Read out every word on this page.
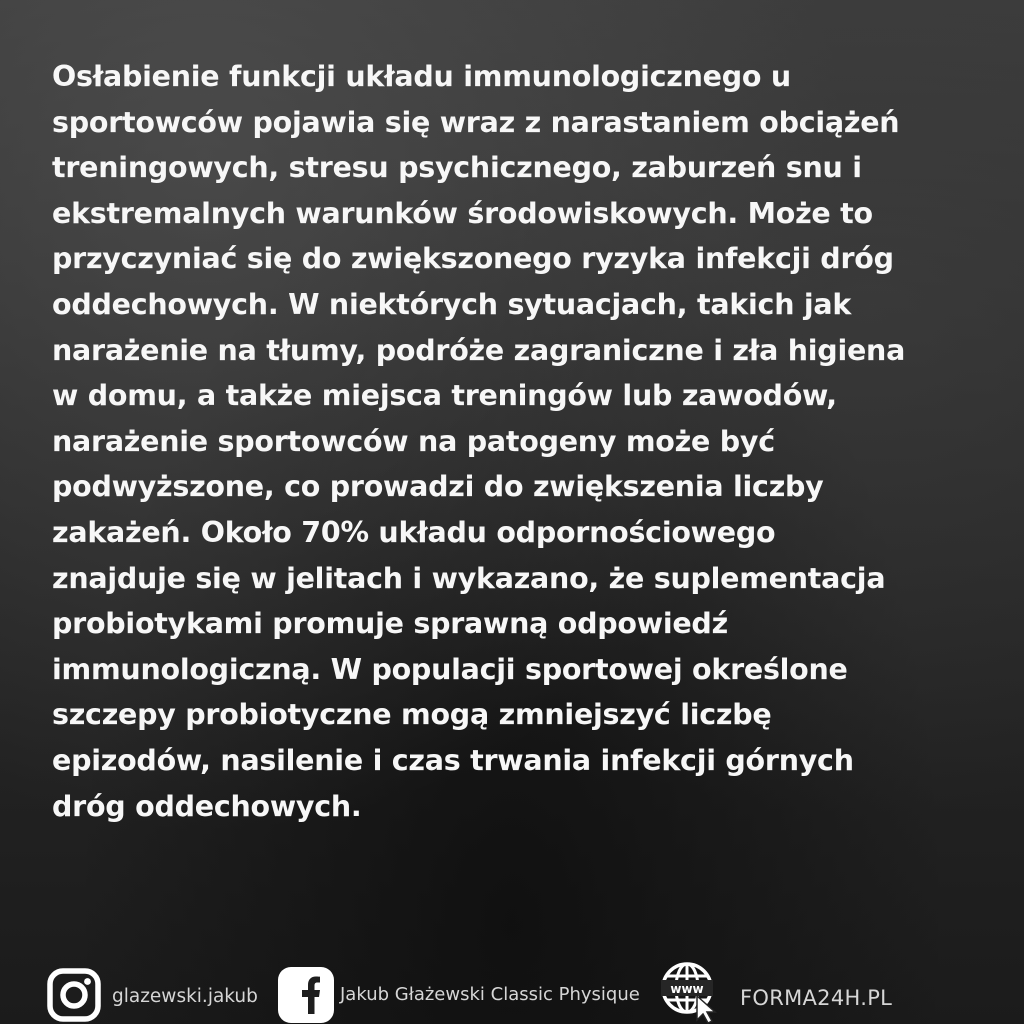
Osłabienie funkcji układu immunologicznego u
sportowców pojawia się wraz z narastaniem obciążeń
treningowych, stresu psychicznego, zaburzeń snu i
ekstremalnych warunków środowiskowych. Może to
przyczyniać się do zwiększonego ryzyka infekcji dróg
oddechowych. W niektórych sytuacjach, takich jak
narażenie na tłumy, podróże zagraniczne i zła higiena
w domu, a także miejsca treningów lub zawodów,
narażenie sportowców na patogeny może być
podwyższone, co prowadzi do zwiększenia liczby
zakażeń. Około 70% układu odpornościowego
znajduje się w jelitach i wykazano, że suplementacja
probiotykami promuje sprawną odpowiedź
immunologiczną. W populacji sportowej określone
szczepy probiotyczne mogą zmniejszyć liczbę
epizodów, nasilenie i czas trwania infekcji górnych
dróg oddechowych.

glazewski.jakub	Jakub Głażewski Classic Physique	www FORMA24H.PL
